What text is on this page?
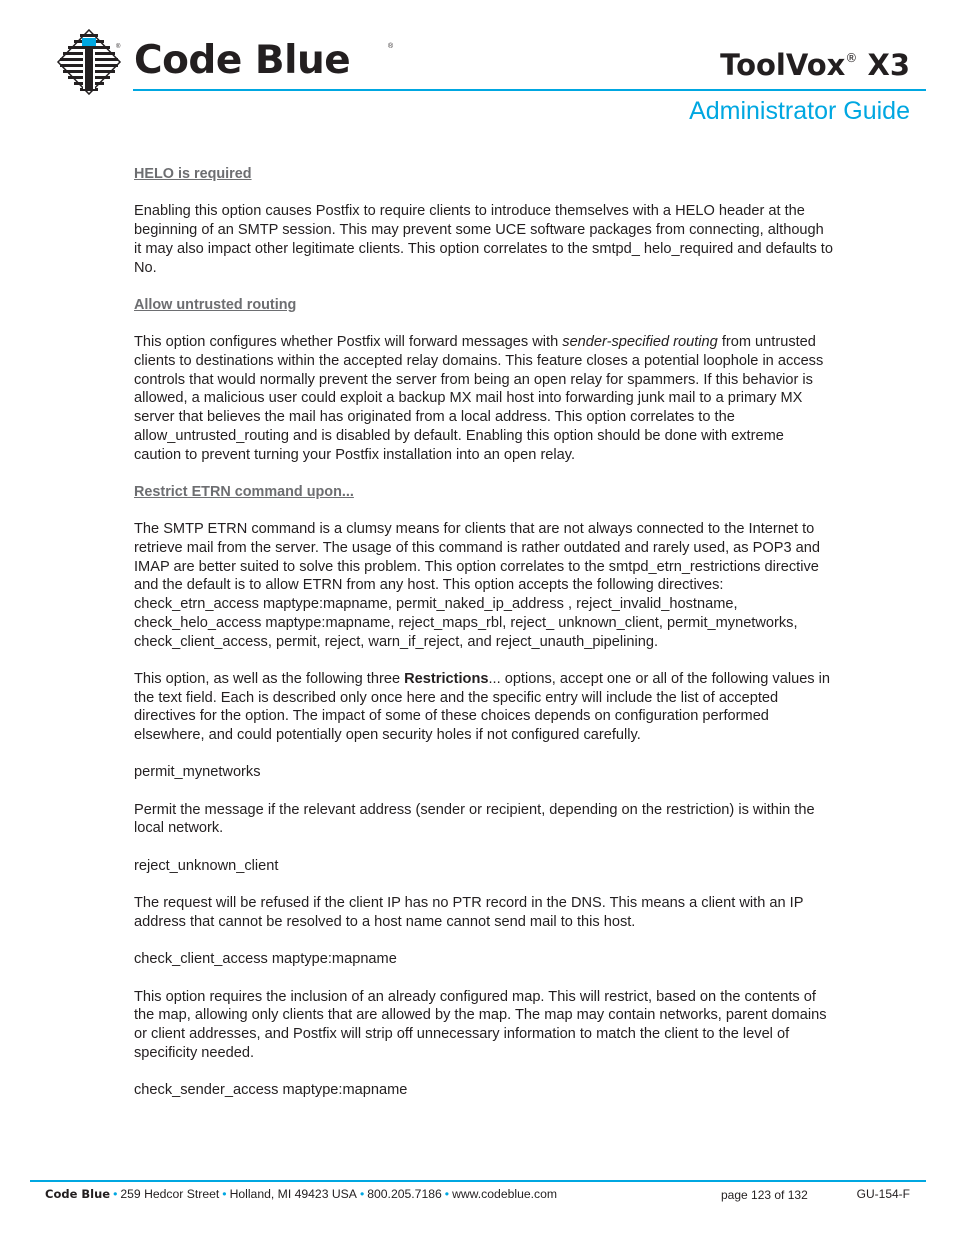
® Code Blue	®
ToolVox® X3
Administrator Guide

HELO is required

Enabling this option causes Postfix to require clients to introduce themselves with a HELO header at the beginning of an SMTP session. This may prevent some UCE software packages from connecting, although it may also impact other legitimate clients. This option correlates to the smtpd_ helo_required and defaults to No.

Allow untrusted routing

This option configures whether Postfix will forward messages with sender-specified routing from untrusted clients to destinations within the accepted relay domains. This feature closes a potential loophole in access controls that would normally prevent the server from being an open relay for spammers. If this behavior is allowed, a malicious user could exploit a backup MX mail host into forwarding junk mail to a primary MX server that believes the mail has originated from a local address. This option correlates to the allow_untrusted_routing and is disabled by default. Enabling this option should be done with extreme caution to prevent turning your Postfix installation into an open relay.

Restrict ETRN command upon...

The SMTP ETRN command is a clumsy means for clients that are not always connected to the Internet to retrieve mail from the server. The usage of this command is rather outdated and rarely used, as POP3 and IMAP are better suited to solve this problem. This option correlates to the smtpd_etrn_restrictions directive and the default is to allow ETRN from any host. This option accepts the following directives: check_etrn_access maptype:mapname, permit_naked_ip_address , reject_invalid_hostname, check_helo_access maptype:mapname, reject_maps_rbl, reject_ unknown_client, permit_mynetworks, check_client_access, permit, reject, warn_if_reject, and reject_unauth_pipelining.

This option, as well as the following three Restrictions... options, accept one or all of the following values in the text field. Each is described only once here and the specific entry will include the list of accepted directives for the option. The impact of some of these choices depends on configuration performed elsewhere, and could potentially open security holes if not configured carefully.

permit_mynetworks

Permit the message if the relevant address (sender or recipient, depending on the restriction) is within the local network.

reject_unknown_client

The request will be refused if the client IP has no PTR record in the DNS. This means a client with an IP address that cannot be resolved to a host name cannot send mail to this host.

check_client_access maptype:mapname

This option requires the inclusion of an already configured map. This will restrict, based on the contents of the map, allowing only clients that are allowed by the map. The map may contain networks, parent domains or client addresses, and Postfix will strip off unnecessary information to match the client to the level of specificity needed.

check_sender_access maptype:mapname

Code Blue • 259 Hedcor Street • Holland, MI 49423 USA • 800.205.7186 • www.codeblue.com	page 123 of 132	GU-154-F
